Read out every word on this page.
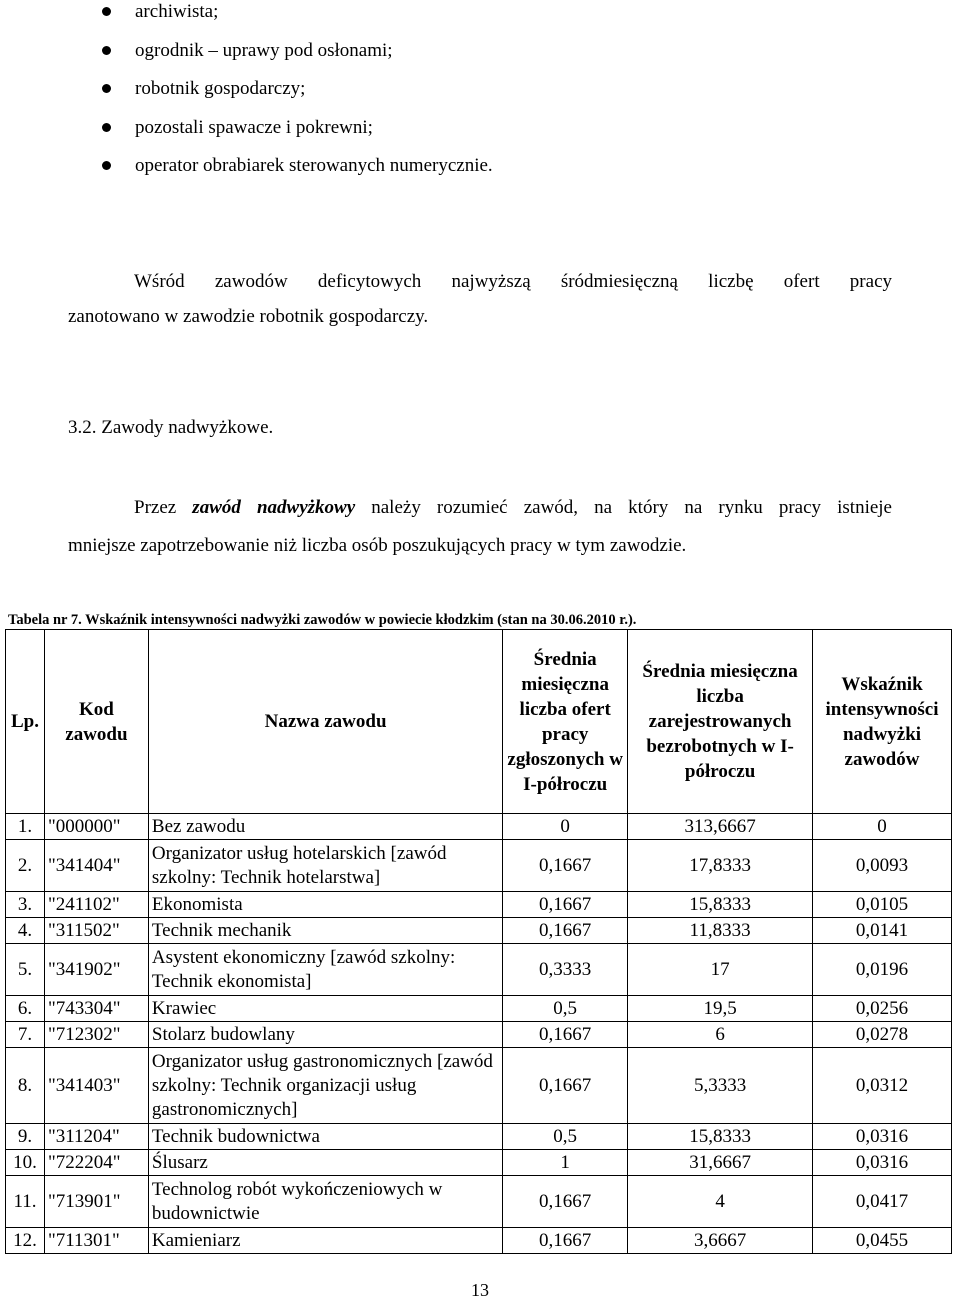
archiwista;
ogrodnik – uprawy pod osłonami;
robotnik gospodarczy;
pozostali spawacze i pokrewni;
operator obrabiarek sterowanych numerycznie.
Wśród zawodów deficytowych najwyższą śródmiesięczną liczbę ofert pracy
zanotowano w zawodzie robotnik gospodarczy.
3.2. Zawody nadwyżkowe.
Przez zawód nadwyżkowy należy rozumieć zawód, na który na rynku pracy istnieje
mniejsze zapotrzebowanie niż liczba osób poszukujących pracy w tym zawodzie.
Tabela nr 7. Wskaźnik intensywności nadwyżki zawodów w powiecie kłodzkim (stan na 30.06.2010 r.).
Lp.	Kod zawodu	Nazwa zawodu	Średnia miesięczna liczba ofert pracy zgłoszonych w I-półroczu	Średnia miesięczna liczba zarejestrowanych bezrobotnych w I-półroczu	Wskaźnik intensywności nadwyżki zawodów
1.	"000000"	Bez zawodu	0	313,6667	0
2.	"341404"	Organizator usług hotelarskich [zawód szkolny: Technik hotelarstwa]	0,1667	17,8333	0,0093
3.	"241102"	Ekonomista	0,1667	15,8333	0,0105
4.	"311502"	Technik mechanik	0,1667	11,8333	0,0141
5.	"341902"	Asystent ekonomiczny [zawód szkolny: Technik ekonomista]	0,3333	17	0,0196
6.	"743304"	Krawiec	0,5	19,5	0,0256
7.	"712302"	Stolarz budowlany	0,1667	6	0,0278
8.	"341403"	Organizator usług gastronomicznych [zawód szkolny: Technik organizacji usług gastronomicznych]	0,1667	5,3333	0,0312
9.	"311204"	Technik budownictwa	0,5	15,8333	0,0316
10.	"722204"	Ślusarz	1	31,6667	0,0316
11.	"713901"	Technolog robót wykończeniowych w budownictwie	0,1667	4	0,0417
12.	"711301"	Kamieniarz	0,1667	3,6667	0,0455
13
